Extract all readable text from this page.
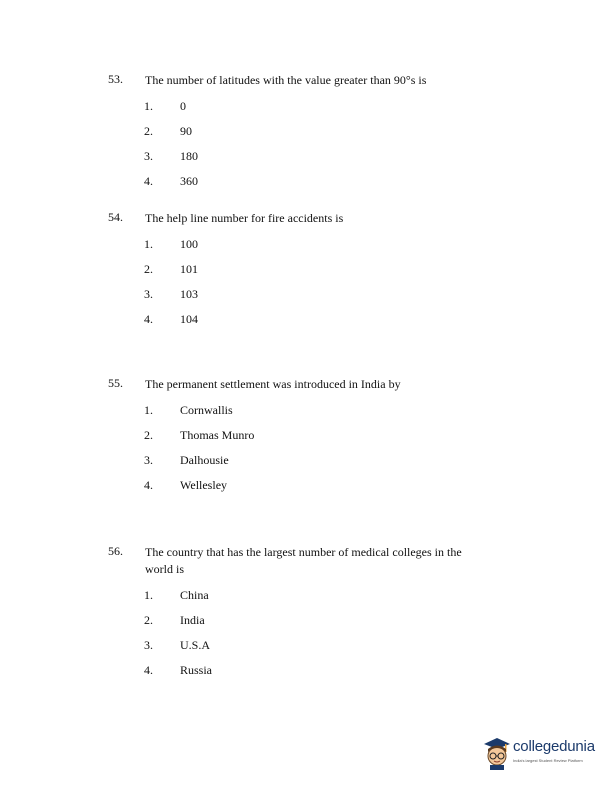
53. The number of latitudes with the value greater than 90°s is
1. 0
2. 90
3. 180
4. 360
54. The help line number for fire accidents is
1. 100
2. 101
3. 103
4. 104
55. The permanent settlement was introduced in India by
1. Cornwallis
2. Thomas Munro
3. Dalhousie
4. Wellesley
56. The country that has the largest number of medical colleges in the world is
1. China
2. India
3. U.S.A
4. Russia
collegedunia
India's largest Student Review Platform
